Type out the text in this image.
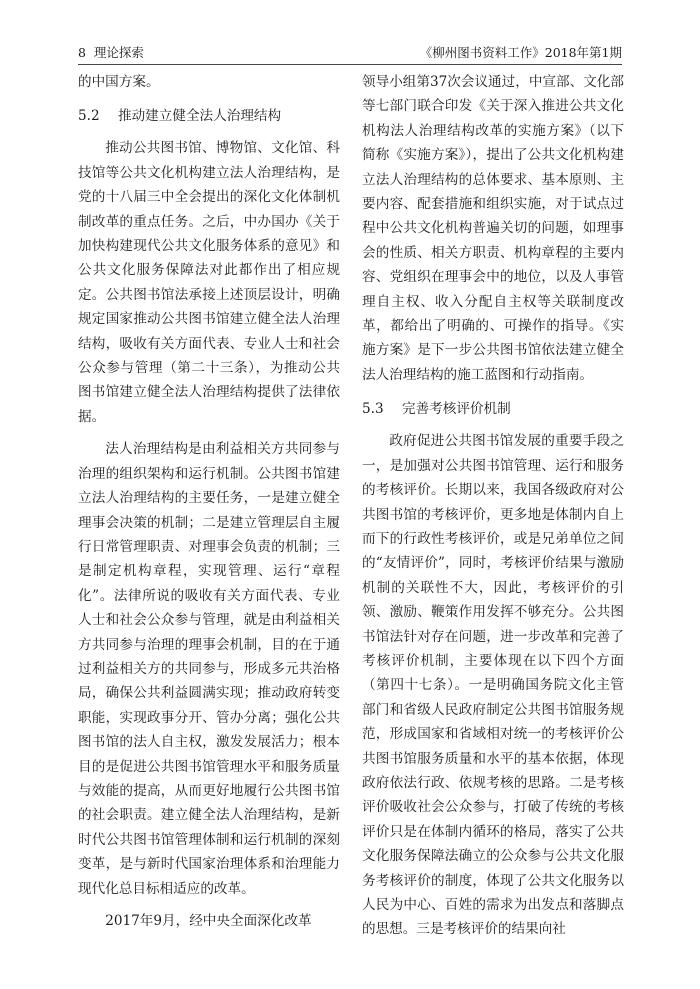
8 理论探索	《柳州图书资料工作》2018年第1期

的中国方案。

5.2 推动建立健全法人治理结构

推动公共图书馆、博物馆、文化馆、科技馆等公共文化机构建立法人治理结构，是党的十八届三中全会提出的深化文化体制机制改革的重点任务。之后，中办国办《关于加快构建现代公共文化服务体系的意见》和公共文化服务保障法对此都作出了相应规定。公共图书馆法承接上述顶层设计，明确规定国家推动公共图书馆建立健全法人治理结构，吸收有关方面代表、专业人士和社会公众参与管理（第二十三条），为推动公共图书馆建立健全法人治理结构提供了法律依据。

法人治理结构是由利益相关方共同参与治理的组织架构和运行机制。公共图书馆建立法人治理结构的主要任务，一是建立健全理事会决策的机制；二是建立管理层自主履行日常管理职责、对理事会负责的机制；三是制定机构章程，实现管理、运行“章程化”。法律所说的吸收有关方面代表、专业人士和社会公众参与管理，就是由利益相关方共同参与治理的理事会机制，目的在于通过利益相关方的共同参与，形成多元共治格局，确保公共利益圆满实现；推动政府转变职能，实现政事分开、管办分离；强化公共图书馆的法人自主权，激发发展活力；根本目的是促进公共图书馆管理水平和服务质量与效能的提高，从而更好地履行公共图书馆的社会职责。建立健全法人治理结构，是新时代公共图书馆管理体制和运行机制的深刻变革，是与新时代国家治理体系和治理能力现代化总目标相适应的改革。

2017年9月，经中央全面深化改革

领导小组第37次会议通过，中宣部、文化部等七部门联合印发《关于深入推进公共文化机构法人治理结构改革的实施方案》（以下简称《实施方案》），提出了公共文化机构建立法人治理结构的总体要求、基本原则、主要内容、配套措施和组织实施，对于试点过程中公共文化机构普遍关切的问题，如理事会的性质、相关方职责、机构章程的主要内容、党组织在理事会中的地位，以及人事管理自主权、收入分配自主权等关联制度改革，都给出了明确的、可操作的指导。《实施方案》是下一步公共图书馆依法建立健全法人治理结构的施工蓝图和行动指南。

5.3 完善考核评价机制

政府促进公共图书馆发展的重要手段之一，是加强对公共图书馆管理、运行和服务的考核评价。长期以来，我国各级政府对公共图书馆的考核评价，更多地是体制内自上而下的行政性考核评价，或是兄弟单位之间的“友情评价”，同时，考核评价结果与激励机制的关联性不大，因此，考核评价的引领、激励、鞭策作用发挥不够充分。公共图书馆法针对存在问题，进一步改革和完善了考核评价机制，主要体现在以下四个方面（第四十七条）。一是明确国务院文化主管部门和省级人民政府制定公共图书馆服务规范，形成国家和省域相对统一的考核评价公共图书馆服务质量和水平的基本依据，体现政府依法行政、依规考核的思路。二是考核评价吸收社会公众参与，打破了传统的考核评价只是在体制内循环的格局，落实了公共文化服务保障法确立的公众参与公共文化服务考核评价的制度，体现了公共文化服务以人民为中心、百姓的需求为出发点和落脚点的思想。三是考核评价的结果向社
